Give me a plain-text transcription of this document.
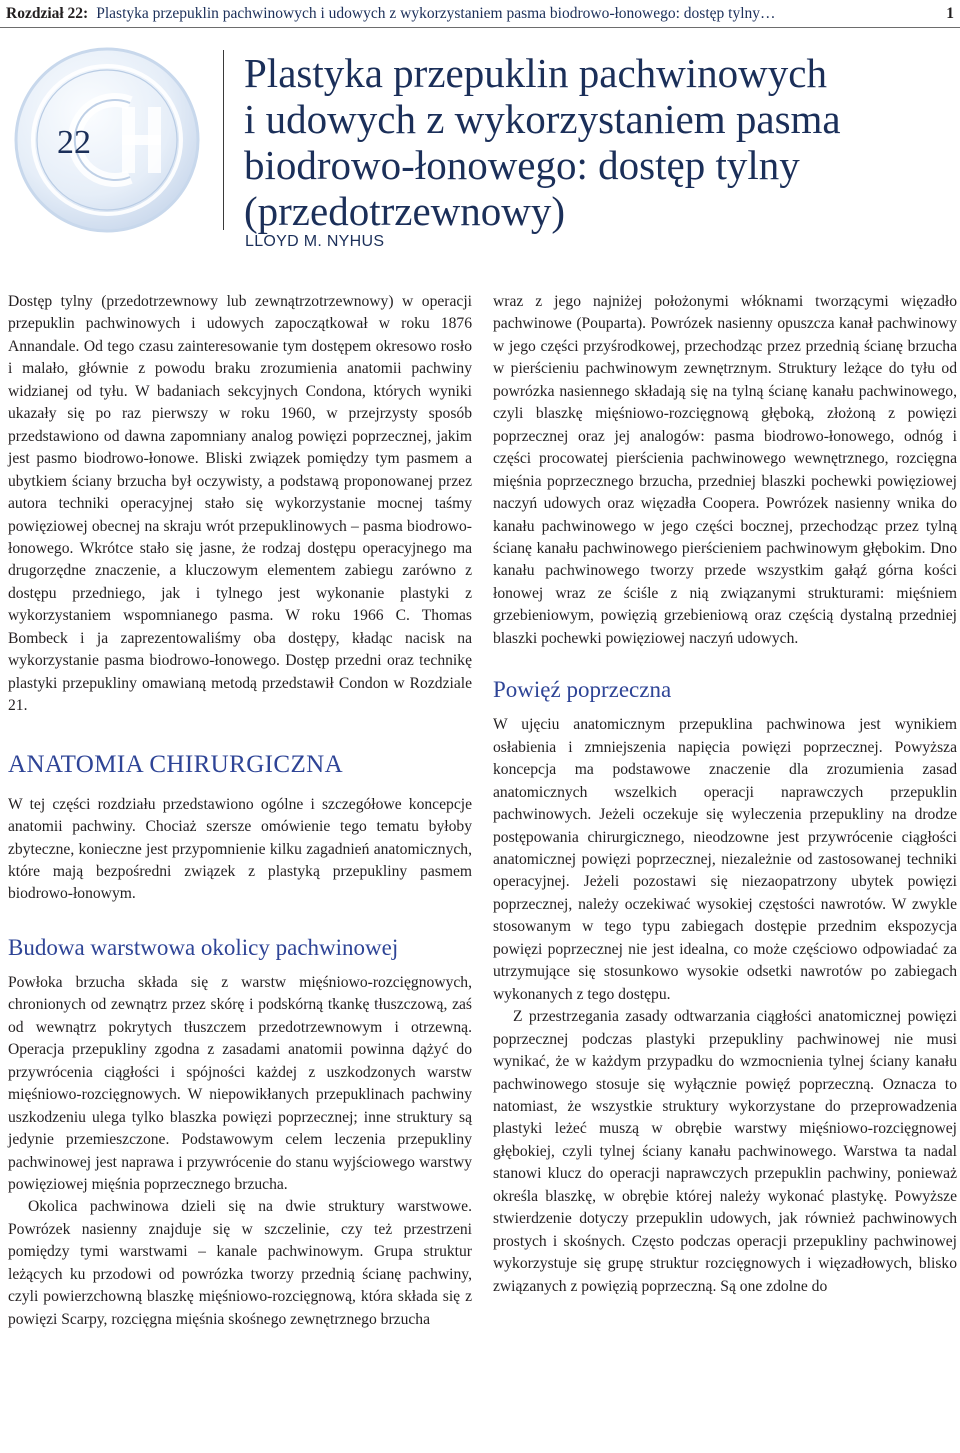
Rozdział 22: Plastyka przepuklin pachwinowych i udowych z wykorzystaniem pasma biodrowo-łonowego: dostęp tylny…	1
22
Plastyka przepuklin pachwinowych
i udowych z wykorzystaniem pasma
biodrowo-łonowego: dostęp tylny
(przedotrzewnowy)

LLOYD M. NYHUS

Dostęp tylny (przedotrzewnowy lub zewnątrzotrzewnowy) w operacji przepuklin pachwinowych i udowych zapoczątkował w roku 1876 Annandale. Od tego czasu zainteresowanie tym dostępem okresowo rosło i malało, głównie z powodu braku zrozumienia anatomii pachwiny widzianej od tyłu. W badaniach sekcyjnych Condona, których wyniki ukazały się po raz pierwszy w roku 1960, w przejrzysty sposób przedstawiono od dawna zapomniany analog powięzi poprzecznej, jakim jest pasmo biodrowo-łonowe. Bliski związek pomiędzy tym pasmem a ubytkiem ściany brzucha był oczywisty, a podstawą proponowanej przez autora techniki operacyjnej stało się wykorzystanie mocnej taśmy powięziowej obecnej na skraju wrót przepuklinowych – pasma biodrowo-łonowego. Wkrótce stało się jasne, że rodzaj dostępu operacyjnego ma drugorzędne znaczenie, a kluczowym elementem zabiegu zarówno z dostępu przedniego, jak i tylnego jest wykonanie plastyki z wykorzystaniem wspomnianego pasma. W roku 1966 C. Thomas Bombeck i ja zaprezentowaliśmy oba dostępy, kładąc nacisk na wykorzystanie pasma biodrowo-łonowego. Dostęp przedni oraz technikę plastyki przepukliny omawianą metodą przedstawił Condon w Rozdziale 21.

ANATOMIA CHIRURGICZNA

W tej części rozdziału przedstawiono ogólne i szczegółowe koncepcje anatomii pachwiny. Chociaż szersze omówienie tego tematu byłoby zbyteczne, konieczne jest przypomnienie kilku zagadnień anatomicznych, które mają bezpośredni związek z plastyką przepukliny pasmem biodrowo-łonowym.

Budowa warstwowa okolicy pachwinowej

Powłoka brzucha składa się z warstw mięśniowo-rozcięgnowych, chronionych od zewnątrz przez skórę i podskórną tkankę tłuszczową, zaś od wewnątrz pokrytych tłuszczem przedotrzewnowym i otrzewną. Operacja przepukliny zgodna z zasadami anatomii powinna dążyć do przywrócenia ciągłości i spójności każdej z uszkodzonych warstw mięśniowo-rozcięgnowych. W niepowikłanych przepuklinach pachwiny uszkodzeniu ulega tylko blaszka powięzi poprzecznej; inne struktury są jedynie przemieszczone. Podstawowym celem leczenia przepukliny pachwinowej jest naprawa i przywrócenie do stanu wyjściowego warstwy powięziowej mięśnia poprzecznego brzucha.

Okolica pachwinowa dzieli się na dwie struktury warstwowe. Powrózek nasienny znajduje się w szczelinie, czy też przestrzeni pomiędzy tymi warstwami – kanale pachwinowym. Grupa struktur leżących ku przodowi od powrózka tworzy przednią ścianę pachwiny, czyli powierzchowną blaszkę mięśniowo-rozcięgnową, która składa się z powięzi Scarpy, rozcięgna mięśnia skośnego zewnętrznego brzucha

wraz z jego najniżej położonymi włóknami tworzącymi więzadło pachwinowe (Pouparta). Powrózek nasienny opuszcza kanał pachwinowy w jego części przyśrodkowej, przechodząc przez przednią ścianę brzucha w pierścieniu pachwinowym zewnętrznym. Struktury leżące do tyłu od powrózka nasiennego składają się na tylną ścianę kanału pachwinowego, czyli blaszkę mięśniowo-rozcięgnową głęboką, złożoną z powięzi poprzecznej oraz jej analogów: pasma biodrowo-łonowego, odnóg i części procowatej pierścienia pachwinowego wewnętrznego, rozcięgna mięśnia poprzecznego brzucha, przedniej blaszki pochewki powięziowej naczyń udowych oraz więzadła Coopera. Powrózek nasienny wnika do kanału pachwinowego w jego części bocznej, przechodząc przez tylną ścianę kanału pachwinowego pierścieniem pachwinowym głębokim. Dno kanału pachwinowego tworzy przede wszystkim gałąź górna kości łonowej wraz ze ściśle z nią związanymi strukturami: mięśniem grzebieniowym, powięzią grzebieniową oraz częścią dystalną przedniej blaszki pochewki powięziowej naczyń udowych.

Powięź poprzeczna

W ujęciu anatomicznym przepuklina pachwinowa jest wynikiem osłabienia i zmniejszenia napięcia powięzi poprzecznej. Powyższa koncepcja ma podstawowe znaczenie dla zrozumienia zasad anatomicznych wszelkich operacji naprawczych przepuklin pachwinowych. Jeżeli oczekuje się wyleczenia przepukliny na drodze postępowania chirurgicznego, nieodzowne jest przywrócenie ciągłości anatomicznej powięzi poprzecznej, niezależnie od zastosowanej techniki operacyjnej. Jeżeli pozostawi się niezaopatrzony ubytek powięzi poprzecznej, należy oczekiwać wysokiej częstości nawrotów. W zwykle stosowanym w tego typu zabiegach dostępie przednim ekspozycja powięzi poprzecznej nie jest idealna, co może częściowo odpowiadać za utrzymujące się stosunkowo wysokie odsetki nawrotów po zabiegach wykonanych z tego dostępu.

Z przestrzegania zasady odtwarzania ciągłości anatomicznej powięzi poprzecznej podczas plastyki przepukliny pachwinowej nie musi wynikać, że w każdym przypadku do wzmocnienia tylnej ściany kanału pachwinowego stosuje się wyłącznie powięź poprzeczną. Oznacza to natomiast, że wszystkie struktury wykorzystane do przeprowadzenia plastyki leżeć muszą w obrębie warstwy mięśniowo-rozcięgnowej głębokiej, czyli tylnej ściany kanału pachwinowego. Warstwa ta nadal stanowi klucz do operacji naprawczych przepuklin pachwiny, ponieważ określa blaszkę, w obrębie której należy wykonać plastykę. Powyższe stwierdzenie dotyczy przepuklin udowych, jak również pachwinowych prostych i skośnych. Często podczas operacji przepukliny pachwinowej wykorzystuje się grupę struktur rozcięgnowych i więzadłowych, blisko związanych z powięzią poprzeczną. Są one zdolne do
